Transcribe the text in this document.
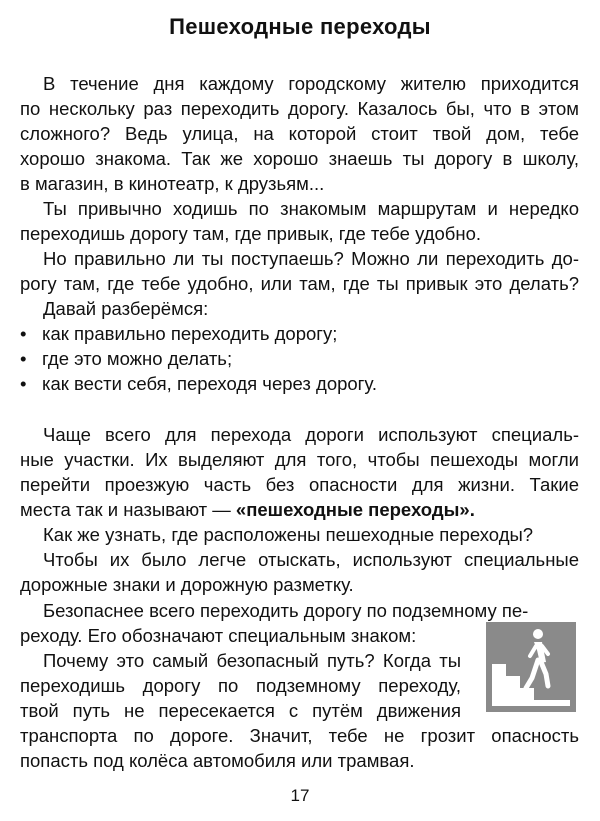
Пешеходные переходы
В течение дня каждому городскому жителю приходится
по нескольку раз переходить дорогу. Казалось бы, что в этом
сложного? Ведь улица, на которой стоит твой дом, тебе
хорошо знакома. Так же хорошо знаешь ты дорогу в школу,
в магазин, в кинотеатр, к друзьям...
Ты привычно ходишь по знакомым маршрутам и нередко
переходишь дорогу там, где привык, где тебе удобно.
Но правильно ли ты поступаешь? Можно ли переходить до-
рогу там, где тебе удобно, или там, где ты привык это делать?
Давай разберёмся:
• как правильно переходить дорогу;
• где это можно делать;
• как вести себя, переходя через дорогу.
Чаще всего для перехода дороги используют специаль-
ные участки. Их выделяют для того, чтобы пешеходы могли
перейти проезжую часть без опасности для жизни. Такие
места так и называют — «пешеходные переходы».
Как же узнать, где расположены пешеходные переходы?
Чтобы их было легче отыскать, используют специальные
дорожные знаки и дорожную разметку.
Безопаснее всего переходить дорогу по подземному пе-
реходу. Его обозначают специальным знаком:
Почему это самый безопасный путь? Когда ты
переходишь дорогу по подземному переходу,
твой путь не пересекается с путём движения
транспорта по дороге. Значит, тебе не грозит опасность
попасть под колёса автомобиля или трамвая.
17
